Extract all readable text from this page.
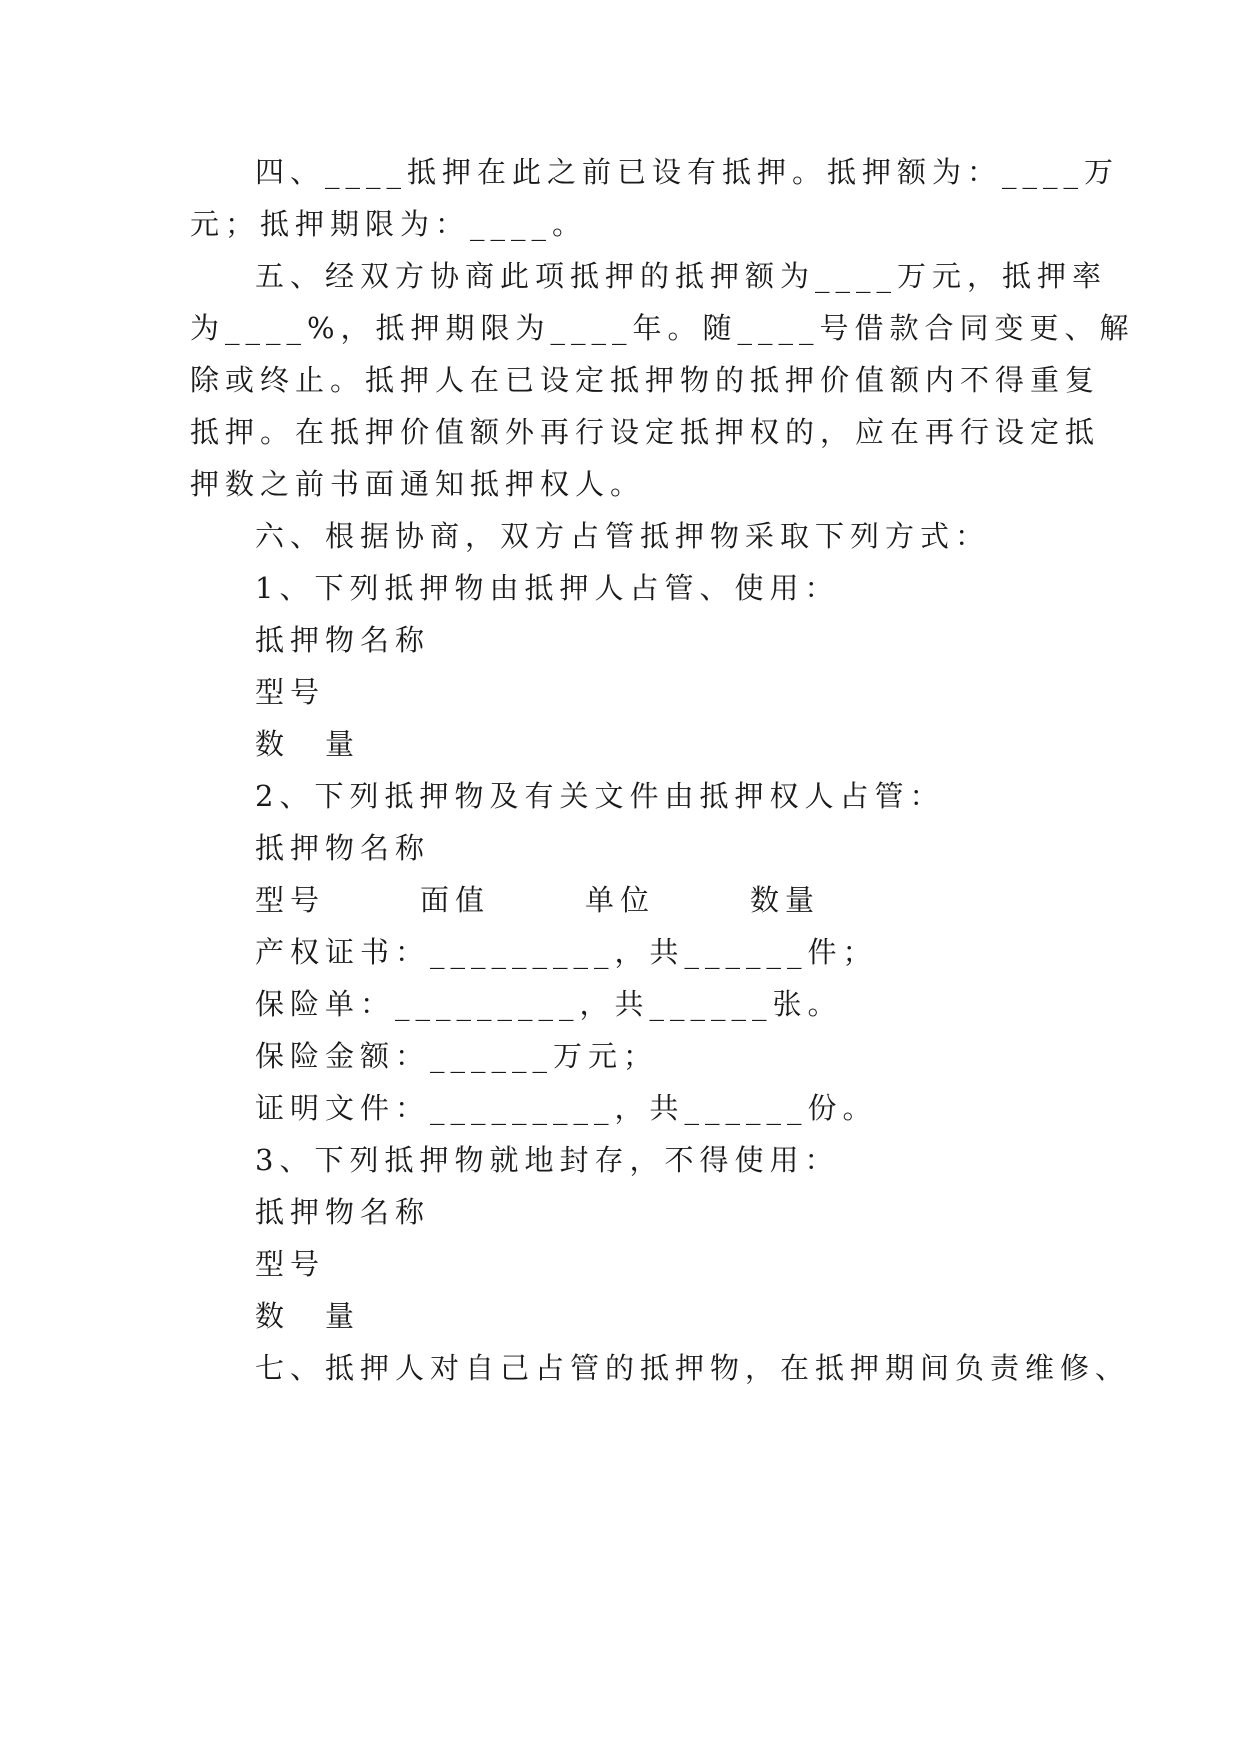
四、____抵押在此之前已设有抵押。抵押额为：____万
元；抵押期限为：____。
五、经双方协商此项抵押的抵押额为____万元，抵押率
为____%，抵押期限为____年。随____号借款合同变更、解
除或终止。抵押人在已设定抵押物的抵押价值额内不得重复
抵押。在抵押价值额外再行设定抵押权的，应在再行设定抵
押数之前书面通知抵押权人。
六、根据协商，双方占管抵押物采取下列方式：
1、下列抵押物由抵押人占管、使用：
抵押物名称
型号
数　量
2、下列抵押物及有关文件由抵押权人占管：
抵押物名称
型号	面值	单位	数量
产权证书：_________，共______件；
保险单：_________，共______张。
保险金额：______万元；
证明文件：_________，共______份。
3、下列抵押物就地封存，不得使用：
抵押物名称
型号
数　量
七、抵押人对自己占管的抵押物，在抵押期间负责维修、
